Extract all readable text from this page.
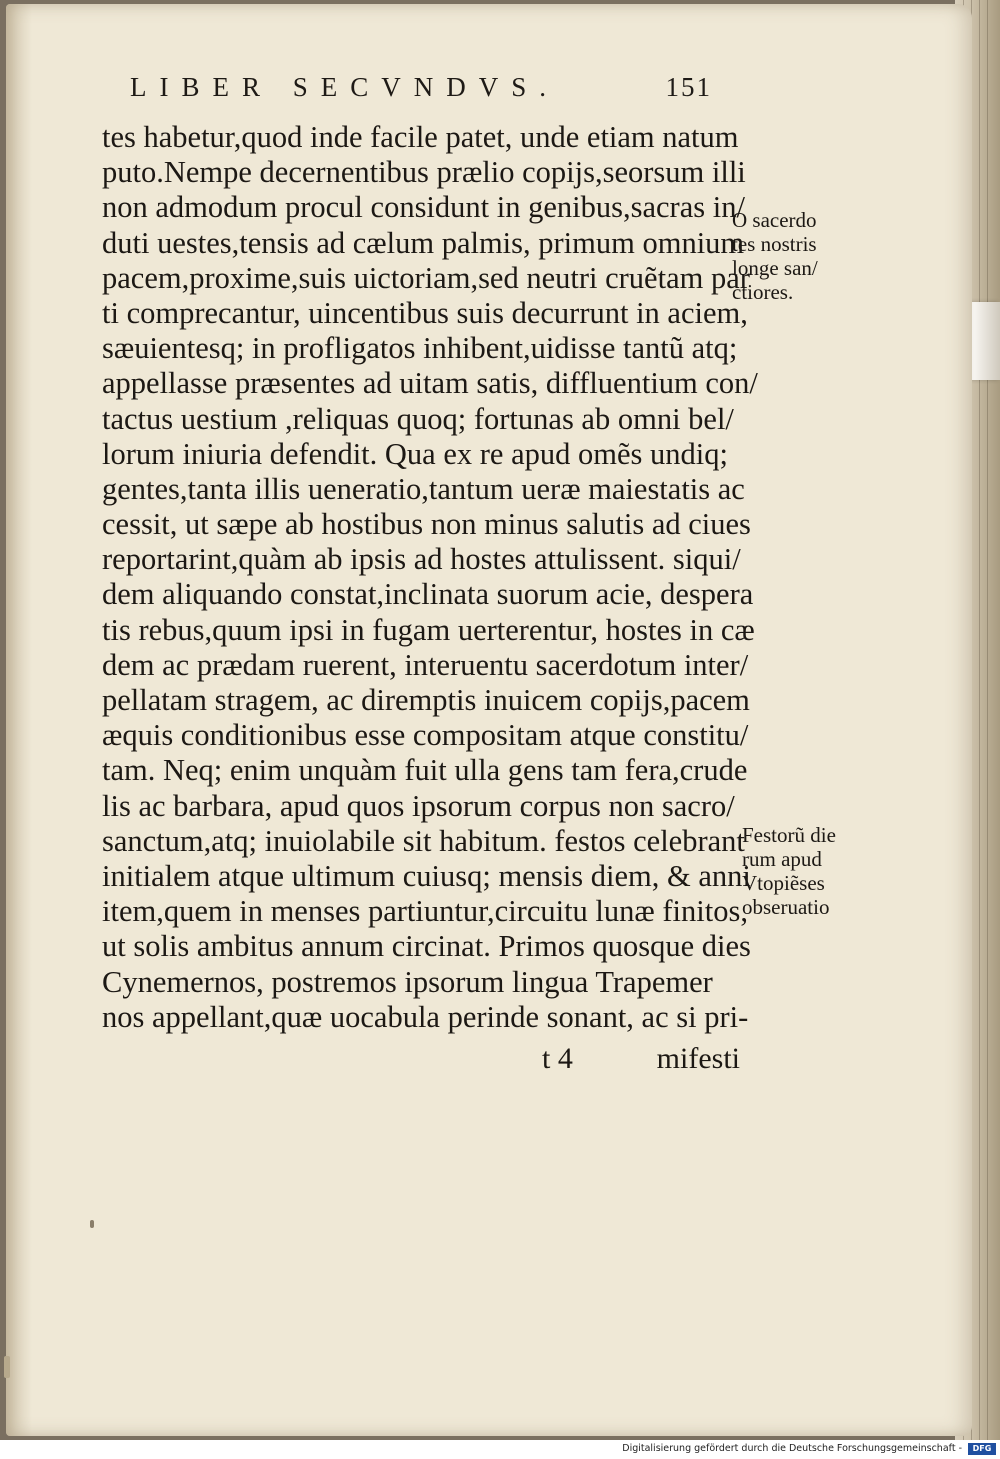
LIBER SECVNDVS.	151
tes habetur,quod inde facile patet, unde etiam natum
puto.Nempe decernentibus prælio copijs,seorsum illi
non admodum procul considunt in genibus,sacras in/
duti uestes,tensis ad cælum palmis, primum omnium
pacem,proxime,suis uictoriam,sed neutri cruẽtam par
ti comprecantur, uincentibus suis decurrunt in aciem,
sæuientesq; in profligatos inhibent,uidisse tantũ atq;
appellasse præsentes ad uitam satis, diffluentium con/
tactus uestium ,reliquas quoq; fortunas ab omni bel/
lorum iniuria defendit. Qua ex re apud omẽs undiq;
gentes,tanta illis ueneratio,tantum ueræ maiestatis ac
cessit, ut sæpe ab hostibus non minus salutis ad ciues
reportarint,quàm ab ipsis ad hostes attulissent. siqui/
dem aliquando constat,inclinata suorum acie, despera
tis rebus,quum ipsi in fugam uerterentur, hostes in cæ
dem ac prædam ruerent, interuentu sacerdotum inter/
pellatam stragem, ac diremptis inuicem copijs,pacem
æquis conditionibus esse compositam atque constitu/
tam. Neq; enim unquàm fuit ulla gens tam fera,crude
lis ac barbara, apud quos ipsorum corpus non sacro/
sanctum,atq; inuiolabile sit habitum. festos celebrant
initialem atque ultimum cuiusq; mensis diem, & anni
item,quem in menses partiuntur,circuitu lunæ finitos,
ut solis ambitus annum circinat. Primos quosque dies
Cynemernos, postremos ipsorum lingua Trapemer
nos appellant,quæ uocabula perinde sonant, ac si pri-
t 4	mifesti
O sacerdo
tes nostris
longe san/
ctiores.
Festorũ die
rum apud
Vtopiẽses
obseruatio
Digitalisierung gefördert durch die Deutsche Forschungsgemeinschaft -	DFG
